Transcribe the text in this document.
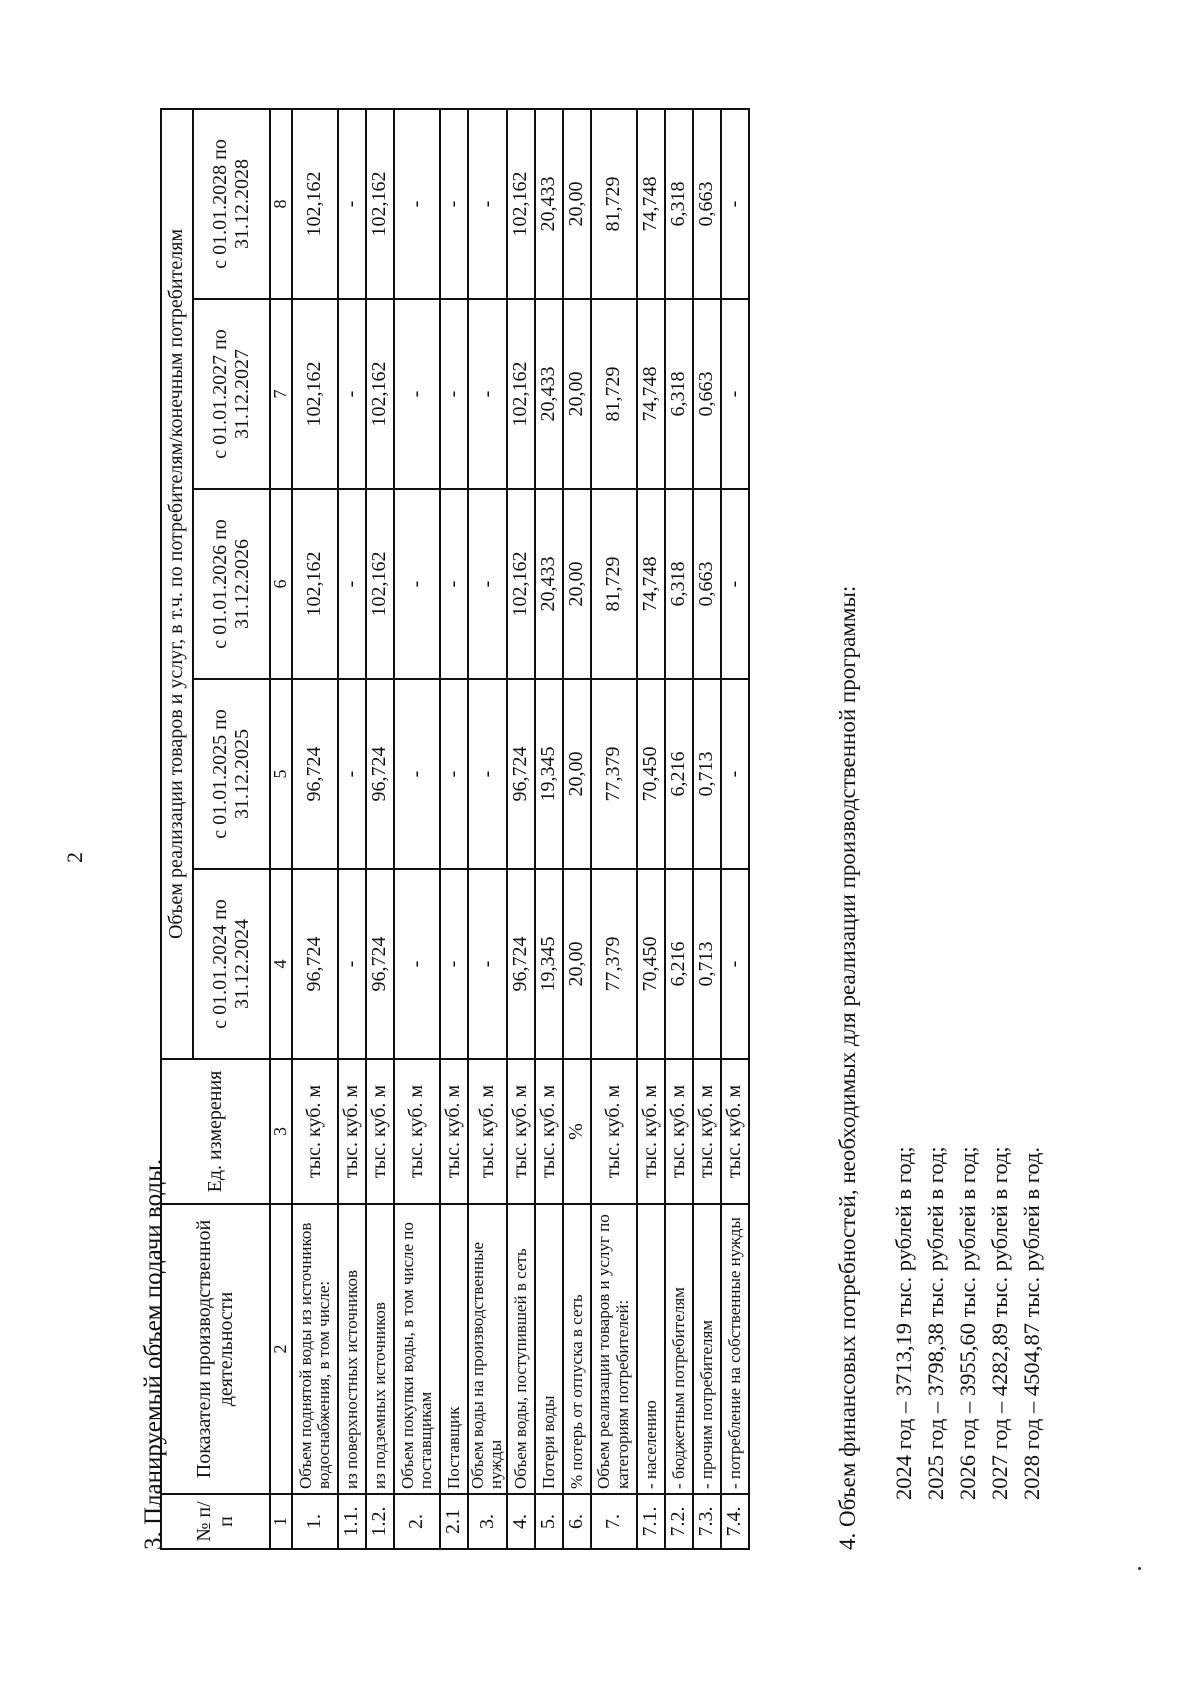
2
3. Планируемый объем подачи воды. № п/п	Показатели производственной деятельности	Ед. измерения	Объем реализации товаров и услуг, в т.ч. по потребителям/конечным потребителям				
			с 01.01.2024 по 31.12.2024	с 01.01.2025 по 31.12.2025	с 01.01.2026 по 31.12.2026	с 01.01.2027 по 31.12.2027	с 01.01.2028 по 31.12.2028
1	2	3	4	5	6	7	8
1.	Объем поднятой воды из источников водоснабжения, в том числе:	тыс. куб. м	96,724	96,724	102,162	102,162	102,162
1.1.	из поверхностных источников	тыс. куб. м	-	-	-	-	-
1.2.	из подземных источников	тыс. куб. м	96,724	96,724	102,162	102,162	102,162
2.	Объем покупки воды, в том числе по поставщикам	тыс. куб. м	-	-	-	-	-
2.1	Поставщик	тыс. куб. м	-	-	-	-	-
3.	Объем воды на производственные нужды	тыс. куб. м	-	-	-	-	-
4.	Объем воды, поступившей в сеть	тыс. куб. м	96,724	96,724	102,162	102,162	102,162
5.	Потери воды	тыс. куб. м	19,345	19,345	20,433	20,433	20,433
6.	% потерь от отпуска в сеть	%	20,00	20,00	20,00	20,00	20,00
7.	Объем реализации товаров и услуг по категориям потребителей:	тыс. куб. м	77,379	77,379	81,729	81,729	81,729
7.1.	- населению	тыс. куб. м	70,450	70,450	74,748	74,748	74,748
7.2.	- бюджетным потребителям	тыс. куб. м	6,216	6,216	6,318	6,318	6,318
7.3.	- прочим потребителям	тыс. куб. м	0,713	0,713	0,663	0,663	0,663
7.4.	- потребление на собственные нужды	тыс. куб. м	-	-	-	-	-
4. Объем финансовых потребностей, необходимых для реализации производственной программы: 2024 год – 3713,19 тыс. рублей в год; 2025 год – 3798,38 тыс. рублей в год; 2026 год – 3955,60 тыс. рублей в год; 2027 год – 4282,89 тыс. рублей в год; 2028 год – 4504,87 тыс. рублей в год.
